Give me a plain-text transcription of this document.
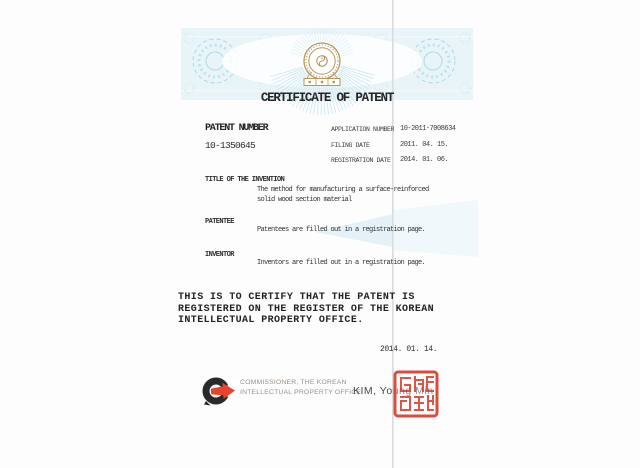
CERTIFICATE OF PATENT
PATENT NUMBER
10-1350645
APPLICATION NUMBER 10-2011-7008634
FILING DATE	2011. 04. 15.
REGISTRATION DATE 2014. 01. 06.
TITLE OF THE INVENTION
The method for manufacturing a surface-reinforced solid wood section material
PATENTEE
Patentees are filled out in a registration page.
INVENTOR
Inventors are filled out in a registration page.
THIS IS TO CERTIFY THAT THE PATENT IS
REGISTERED ON THE REGISTER OF THE KOREAN
INTELLECTUAL PROPERTY OFFICE.
2014. 01. 14.
COMMISSIONER, THE KOREAN
INTELLECTUAL PROPERTY OFFICE
KIM, Young Min
